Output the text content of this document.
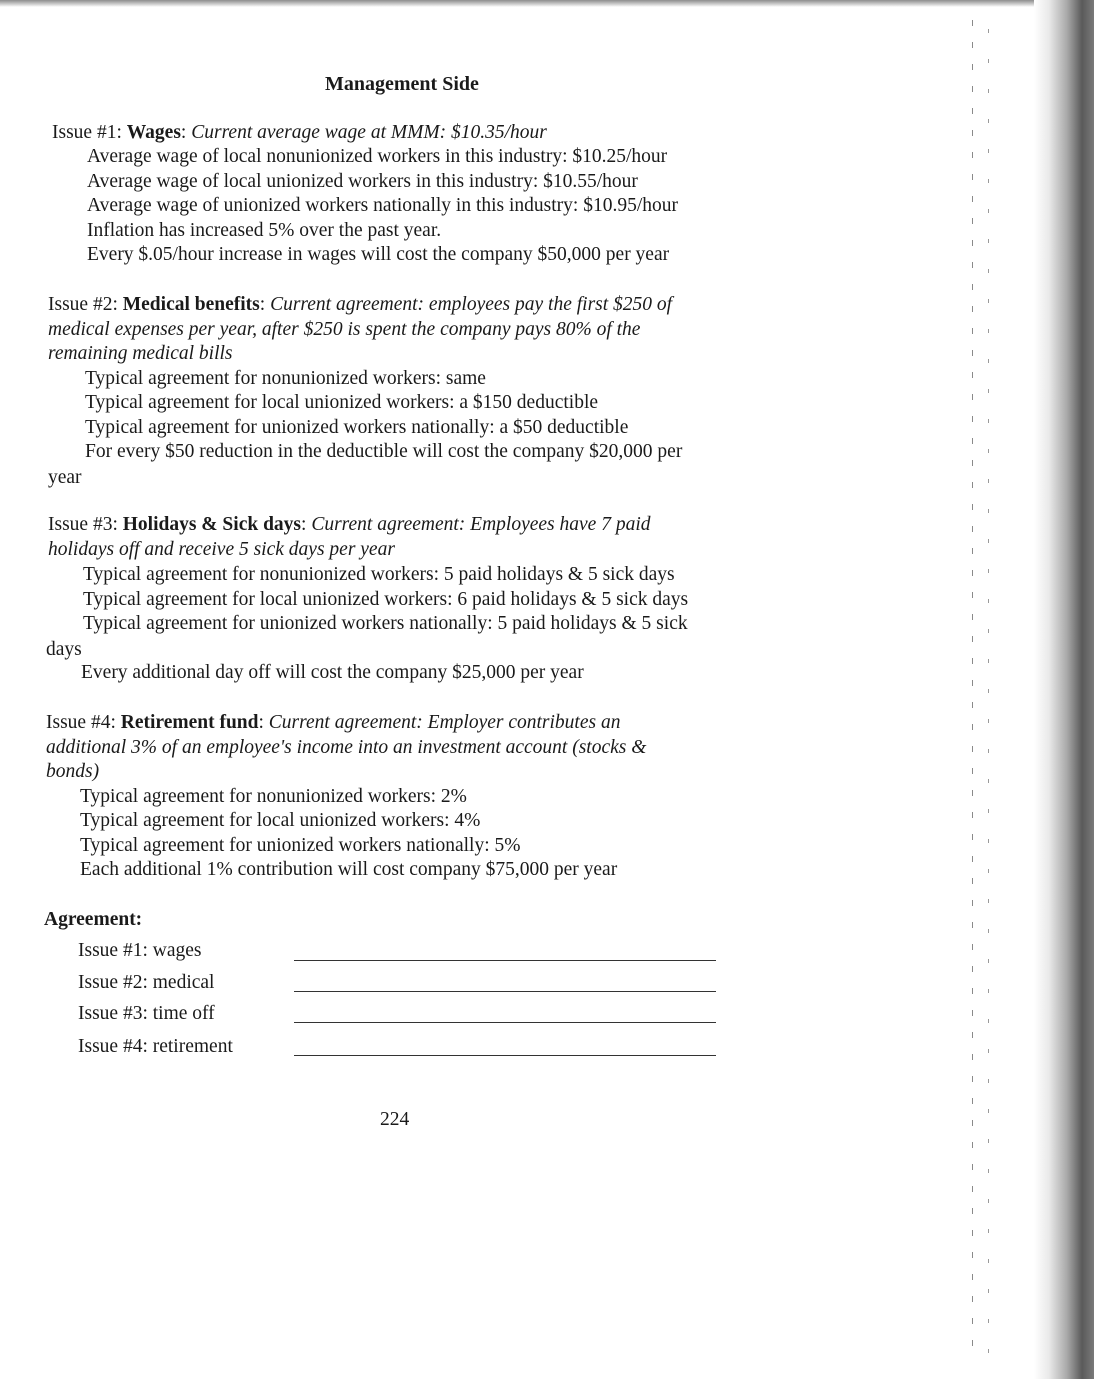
Management Side
Issue #1: Wages: Current average wage at MMM: $10.35/hour
Average wage of local nonunionized workers in this industry: $10.25/hour
Average wage of local unionized workers in this industry: $10.55/hour
Average wage of unionized workers nationally in this industry: $10.95/hour
Inflation has increased 5% over the past year.
Every $.05/hour increase in wages will cost the company $50,000 per year
Issue #2: Medical benefits: Current agreement: employees pay the first $250 of
medical expenses per year, after $250 is spent the company pays 80% of the
remaining medical bills
Typical agreement for nonunionized workers: same
Typical agreement for local unionized workers: a $150 deductible
Typical agreement for unionized workers nationally: a $50 deductible
For every $50 reduction in the deductible will cost the company $20,000 per
year
Issue #3: Holidays & Sick days: Current agreement: Employees have 7 paid
holidays off and receive 5 sick days per year
Typical agreement for nonunionized workers: 5 paid holidays & 5 sick days
Typical agreement for local unionized workers: 6 paid holidays & 5 sick days
Typical agreement for unionized workers nationally: 5 paid holidays & 5 sick
days
Every additional day off will cost the company $25,000 per year
Issue #4: Retirement fund: Current agreement: Employer contributes an
additional 3% of an employee's income into an investment account (stocks &
bonds)
Typical agreement for nonunionized workers: 2%
Typical agreement for local unionized workers: 4%
Typical agreement for unionized workers nationally: 5%
Each additional 1% contribution will cost company $75,000 per year
Agreement:
Issue #1: wages
Issue #2: medical
Issue #3: time off
Issue #4: retirement
224
